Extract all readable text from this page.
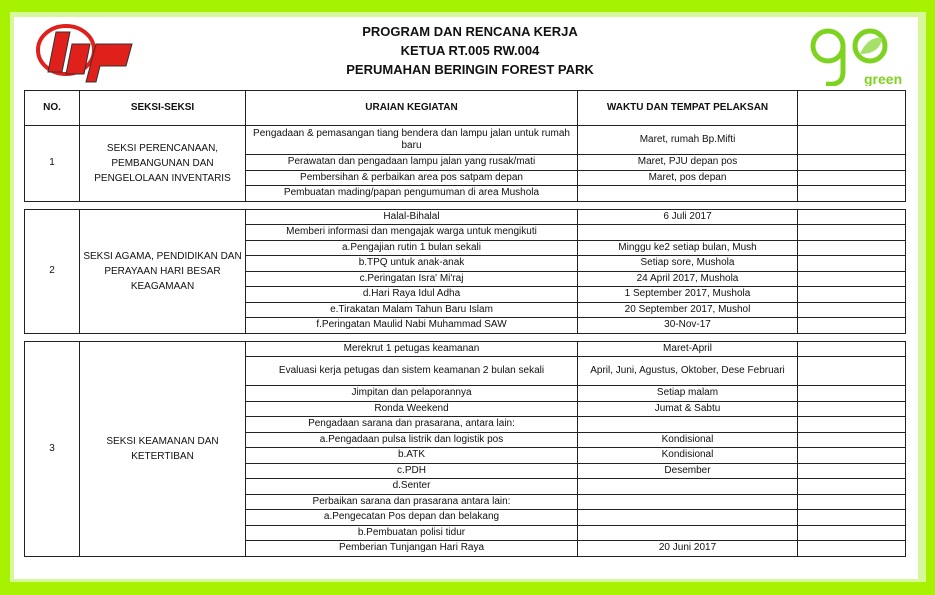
PROGRAM DAN RENCANA KERJA
KETUA RT.005 RW.004
PERUMAHAN BERINGIN FOREST PARK
green
NO.	SEKSI-SEKSI	URAIAN KEGIATAN	WAKTU DAN TEMPAT PELAKSAN	
1	SEKSI PERENCANAAN, PEMBANGUNAN DAN PENGELOLAAN INVENTARIS	Pengadaan & pemasangan tiang bendera dan lampu jalan untuk rumah baru	Maret, rumah Bp.Mifti	
		Perawatan dan pengadaan lampu jalan yang rusak/mati	Maret, PJU depan pos	
		Pembersihan & perbaikan area pos satpam depan	Maret, pos depan	
		Pembuatan mading/papan pengumuman di area Mushola		

2	SEKSI AGAMA, PENDIDIKAN DAN PERAYAAN HARI BESAR KEAGAMAAN	Halal-Bihalal	6 Juli 2017	
		Memberi informasi dan mengajak warga untuk mengikuti		
		a.Pengajian rutin 1 bulan sekali	Minggu ke2 setiap bulan, Mush	
		b.TPQ untuk anak-anak	Setiap sore, Mushola	
		c.Peringatan Isra' Mi'raj	24 April 2017, Mushola	
		d.Hari Raya Idul Adha	1 September 2017, Mushola	
		e.Tirakatan Malam Tahun Baru Islam	20 September 2017, Mushol	
		f.Peringatan Maulid Nabi Muhammad SAW	30-Nov-17	

3	SEKSI KEAMANAN DAN KETERTIBAN	Merekrut 1 petugas keamanan	Maret-April	
		Evaluasi kerja petugas dan sistem keamanan 2 bulan sekali	April, Juni, Agustus, Oktober, Dese Februari	
		Jimpitan dan pelaporannya	Setiap malam	
		Ronda Weekend	Jumat & Sabtu	
		Pengadaan sarana dan prasarana, antara lain:		
		a.Pengadaan pulsa listrik dan logistik pos	Kondisional	
		b.ATK	Kondisional	
		c.PDH	Desember	
		d.Senter		
		Perbaikan sarana dan prasarana antara lain:		
		a.Pengecatan Pos depan dan belakang		
		b.Pembuatan polisi tidur		
		Pemberian Tunjangan Hari Raya	20 Juni 2017	
